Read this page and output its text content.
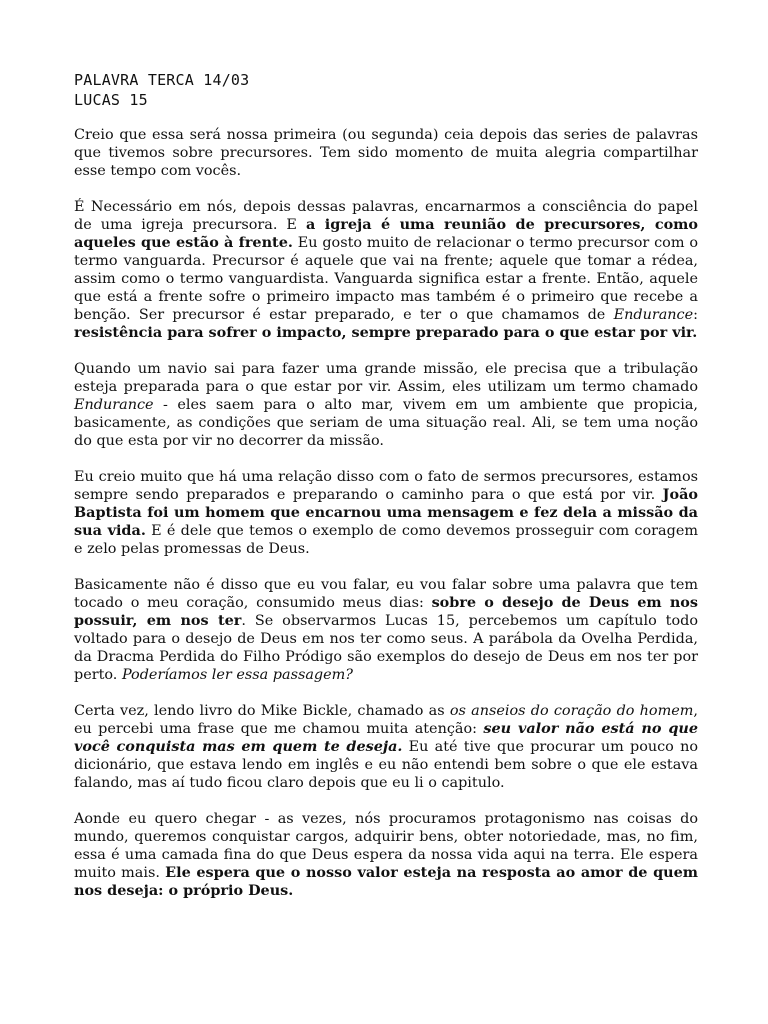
PALAVRA TERCA 14/03
LUCAS 15

Creio que essa será nossa primeira (ou segunda) ceia depois das series de palavras que tivemos sobre precursores. Tem sido momento de muita alegria compartilhar esse tempo com vocês.

É Necessário em nós, depois dessas palavras, encarnarmos a consciência do papel de uma igreja precursora. E a igreja é uma reunião de precursores, como aqueles que estão à frente. Eu gosto muito de relacionar o termo precursor com o termo vanguarda. Precursor é aquele que vai na frente; aquele que tomar a rédea, assim como o termo vanguardista. Vanguarda significa estar a frente. Então, aquele que está a frente sofre o primeiro impacto mas também é o primeiro que recebe a benção. Ser precursor é estar preparado, e ter o que chamamos de Endurance: resistência para sofrer o impacto, sempre preparado para o que estar por vir.

Quando um navio sai para fazer uma grande missão, ele precisa que a tribulação esteja preparada para o que estar por vir. Assim, eles utilizam um termo chamado Endurance - eles saem para o alto mar, vivem em um ambiente que propicia, basicamente, as condições que seriam de uma situação real. Ali, se tem uma noção do que esta por vir no decorrer da missão.

Eu creio muito que há uma relação disso com o fato de sermos precursores, estamos sempre sendo preparados e preparando o caminho para o que está por vir. João Baptista foi um homem que encarnou uma mensagem e fez dela a missão da sua vida. E é dele que temos o exemplo de como devemos prosseguir com coragem e zelo pelas promessas de Deus.

Basicamente não é disso que eu vou falar, eu vou falar sobre uma palavra que tem tocado o meu coração, consumido meus dias: sobre o desejo de Deus em nos possuir, em nos ter. Se observarmos Lucas 15, percebemos um capítulo todo voltado para o desejo de Deus em nos ter como seus. A parábola da Ovelha Perdida, da Dracma Perdida do Filho Pródigo são exemplos do desejo de Deus em nos ter por perto. Poderíamos ler essa passagem?

Certa vez, lendo livro do Mike Bickle, chamado as os anseios do coração do homem, eu percebi uma frase que me chamou muita atenção: seu valor não está no que você conquista mas em quem te deseja. Eu até tive que procurar um pouco no dicionário, que estava lendo em inglês e eu não entendi bem sobre o que ele estava falando, mas aí tudo ficou claro depois que eu li o capitulo.

Aonde eu quero chegar - as vezes, nós procuramos protagonismo nas coisas do mundo, queremos conquistar cargos, adquirir bens, obter notoriedade, mas, no fim, essa é uma camada fina do que Deus espera da nossa vida aqui na terra. Ele espera muito mais. Ele espera que o nosso valor esteja na resposta ao amor de quem nos deseja: o próprio Deus.
